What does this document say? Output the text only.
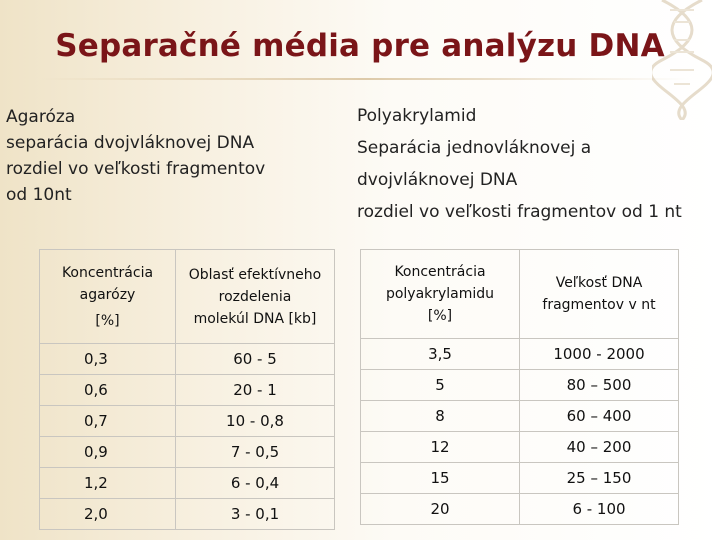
Separačné média pre analýzu DNA
Agaróza
separácia dvojvláknovej DNA
rozdiel vo veľkosti fragmentov
od 10nt
Polyakrylamid
Separácia jednovláknovej a
dvojvláknovej DNA
rozdiel vo veľkosti fragmentov od 1 nt
Koncentrácia
agarózy
[%]	Oblasť efektívneho
rozdelenia
molekúl DNA [kb]

0,3	60 - 5
0,6	20 - 1
0,7	10 - 0,8
0,9	7 - 0,5
1,2	6 - 0,4
2,0	3 - 0,1
Koncentrácia
polyakrylamidu
[%]	Veľkosť DNA
fragmentov v nt

3,5	1000 - 2000
5	80 – 500
8	60 – 400
12	40 – 200
15	25 – 150
20	6 - 100
